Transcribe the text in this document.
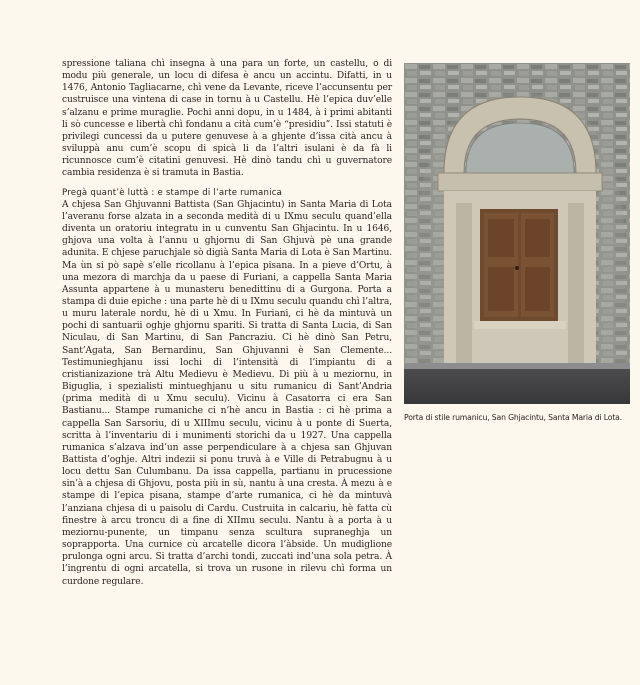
spressione taliana chì insegna à una para un forte, un castellu, o di modu più generale, un locu di difesa è ancu un accintu. Difatti, in u 1476, Antonio Tagliacarne, chì vene da Levante, riceve l’accunsentu per custruisce una vintena di case in tornu à u Castellu. Hè l’epica duv’elle s’alzanu e prime muraglie. Pochi anni dopu, in u 1484, à i primi abitanti li sò cuncesse e libertà chì fondanu a cità cum’è “presidiu”. Issi statuti è privilegi cuncessi da u putere genuvese à a ghjente d’issa cità ancu à sviluppà anu cum’è scopu di spicà li da l’altri isulani è da fà li ricunnosce cum’è citatini genuvesi. Hè dinò tandu chì u guvernatore cambia residenza è si tramuta in Bastia.

Pregà quant’è luttà : e stampe di l’arte rumanica

A chjesa San Ghjuvanni Battista (San Ghjacintu) in Santa Maria di Lota l’averanu forse alzata in a seconda medità di u IXmu seculu quand’ella diventa un oratoriu integratu in u cunventu San Ghjacintu. In u 1646, ghjova una volta à l’annu u ghjornu di San Ghjuvà pè una grande adunita. E chjese paruchjale sò digià Santa Maria di Lota è San Martinu. Ma ùn si pò sapè s’elle ricollanu à l’epica pisana. In a pieve d’Ortu, à una mezora di marchja da u paese di Furiani, a cappella Santa Maria Assunta appartene à u munasteru benedittinu di a Gurgona. Porta a stampa di duie epiche : una parte hè di u IXmu seculu quandu chì l’altra, u muru laterale nordu, hè di u Xmu. In Furiani, ci hè da mintuvà un pochi di santuarii oghje ghjornu spariti. Si tratta di Santa Lucia, di San Niculau, di San Martinu, di San Pancraziu. Ci hè dinò San Petru, Sant’Agata, San Bernardinu, San Ghjuvanni è San Clemente... Testimunieghjanu issi lochi di l’intensità di l’impiantu di a cristianizazione trà Altu Medievu è Medievu. Di più à u meziornu, in Biguglia, i spezialisti mintueghjanu u situ rumanicu di Sant’Andria (prima medità di u Xmu seculu). Vicinu à Casatorra ci era San Bastianu... Stampe rumaniche ci n’hè ancu in Bastia : ci hè prima a cappella San Sarsoriu, di u XIIImu seculu, vicinu à u ponte di Suerta, scritta à l’inventariu di i munimenti storichi da u 1927. Una cappella rumanica s’alzava ind’un asse perpendiculare à a chjesa san Ghjuvan Battista d’oghje. Altri indezii si ponu truvà à e Ville di Petrabugnu à u locu dettu San Culumbanu. Da issa cappella, partianu in prucessione sin’à a chjesa di Ghjovu, posta più in sù, nantu à una cresta. À mezu à e stampe di l’epica pisana, stampe d’arte rumanica, ci hè da mintuvà l’anziana chjesa di u paisolu di Cardu. Custruita in calcariu, hè fatta cù finestre à arcu troncu di a fine di XIImu seculu. Nantu à a porta à u meziornu-punente, un timpanu senza scultura supraneghja un soprapporta. Una curnice cù arcatelle dicora l’àbside. Un mudiglione prulonga ogni arcu. Si tratta d’archi tondi, zuccati ind’una sola petra. À l’ingrentu di ogni arcatella, si trova un rusone in rilevu chì forma un curdone regulare.

Porta di stile rumanicu, San Ghjacintu, Santa Maria di Lota.
